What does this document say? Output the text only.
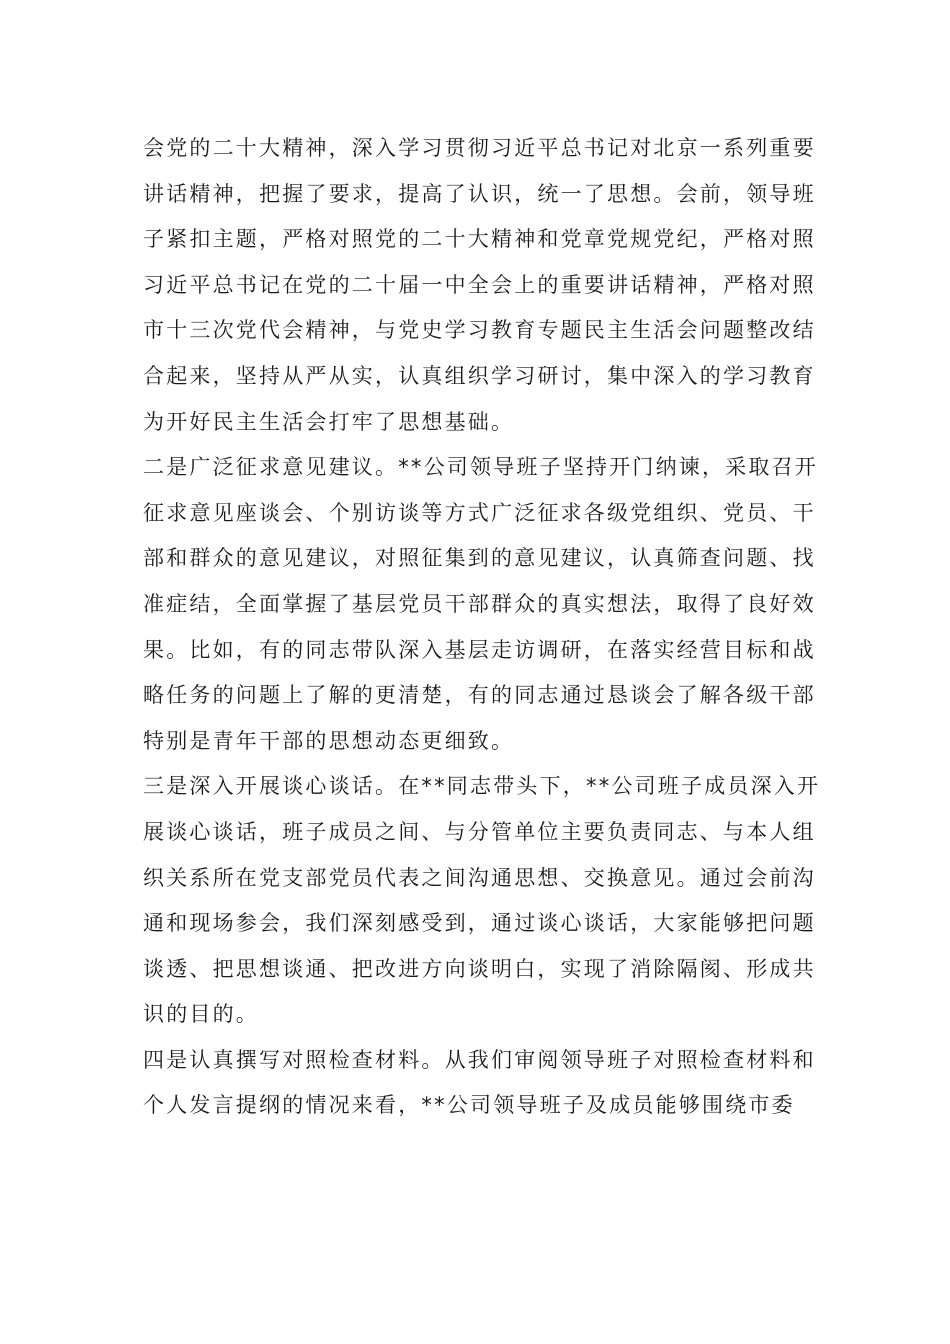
会党的二十大精神，深入学习贯彻习近平总书记对北京一系列重要
讲话精神，把握了要求，提高了认识，统一了思想。会前，领导班
子紧扣主题，严格对照党的二十大精神和党章党规党纪，严格对照
习近平总书记在党的二十届一中全会上的重要讲话精神，严格对照
市十三次党代会精神，与党史学习教育专题民主生活会问题整改结
合起来，坚持从严从实，认真组织学习研讨，集中深入的学习教育
为开好民主生活会打牢了思想基础。
二是广泛征求意见建议。**公司领导班子坚持开门纳谏，采取召开
征求意见座谈会、个别访谈等方式广泛征求各级党组织、党员、干
部和群众的意见建议，对照征集到的意见建议，认真筛查问题、找
准症结，全面掌握了基层党员干部群众的真实想法，取得了良好效
果。比如，有的同志带队深入基层走访调研，在落实经营目标和战
略任务的问题上了解的更清楚，有的同志通过恳谈会了解各级干部
特别是青年干部的思想动态更细致。
三是深入开展谈心谈话。在**同志带头下，**公司班子成员深入开
展谈心谈话，班子成员之间、与分管单位主要负责同志、与本人组
织关系所在党支部党员代表之间沟通思想、交换意见。通过会前沟
通和现场参会，我们深刻感受到，通过谈心谈话，大家能够把问题
谈透、把思想谈通、把改进方向谈明白，实现了消除隔阂、形成共
识的目的。
四是认真撰写对照检查材料。从我们审阅领导班子对照检查材料和
个人发言提纲的情况来看，**公司领导班子及成员能够围绕市委
